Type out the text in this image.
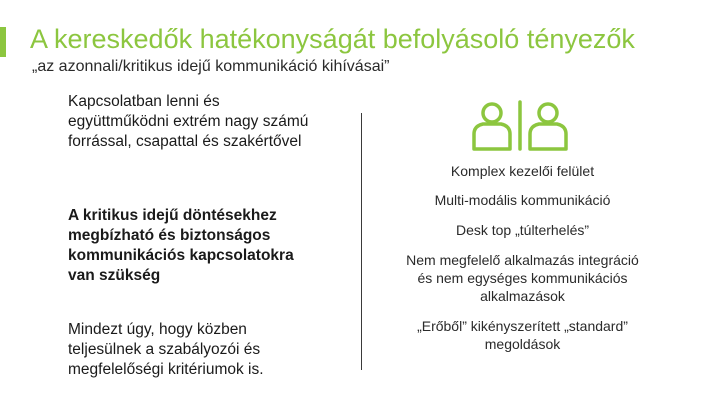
A kereskedők hatékonyságát befolyásoló tényezők
„az azonnali/kritikus idejű kommunikáció kihívásai”
Kapcsolatban lenni és együttműködni extrém nagy számú forrással, csapattal és szakértővel
A kritikus idejű döntésekhez megbízható és biztonságos kommunikációs kapcsolatokra van szükség
Mindezt úgy, hogy közben teljesülnek a szabályozói és megfelelőségi kritériumok is.
Komplex kezelői felület
Multi-modális kommunikáció
Desk top „túlterhelés”
Nem megfelelő alkalmazás integráció és nem egységes kommunikációs alkalmazások
„Erőből” kikényszerített „standard” megoldások
